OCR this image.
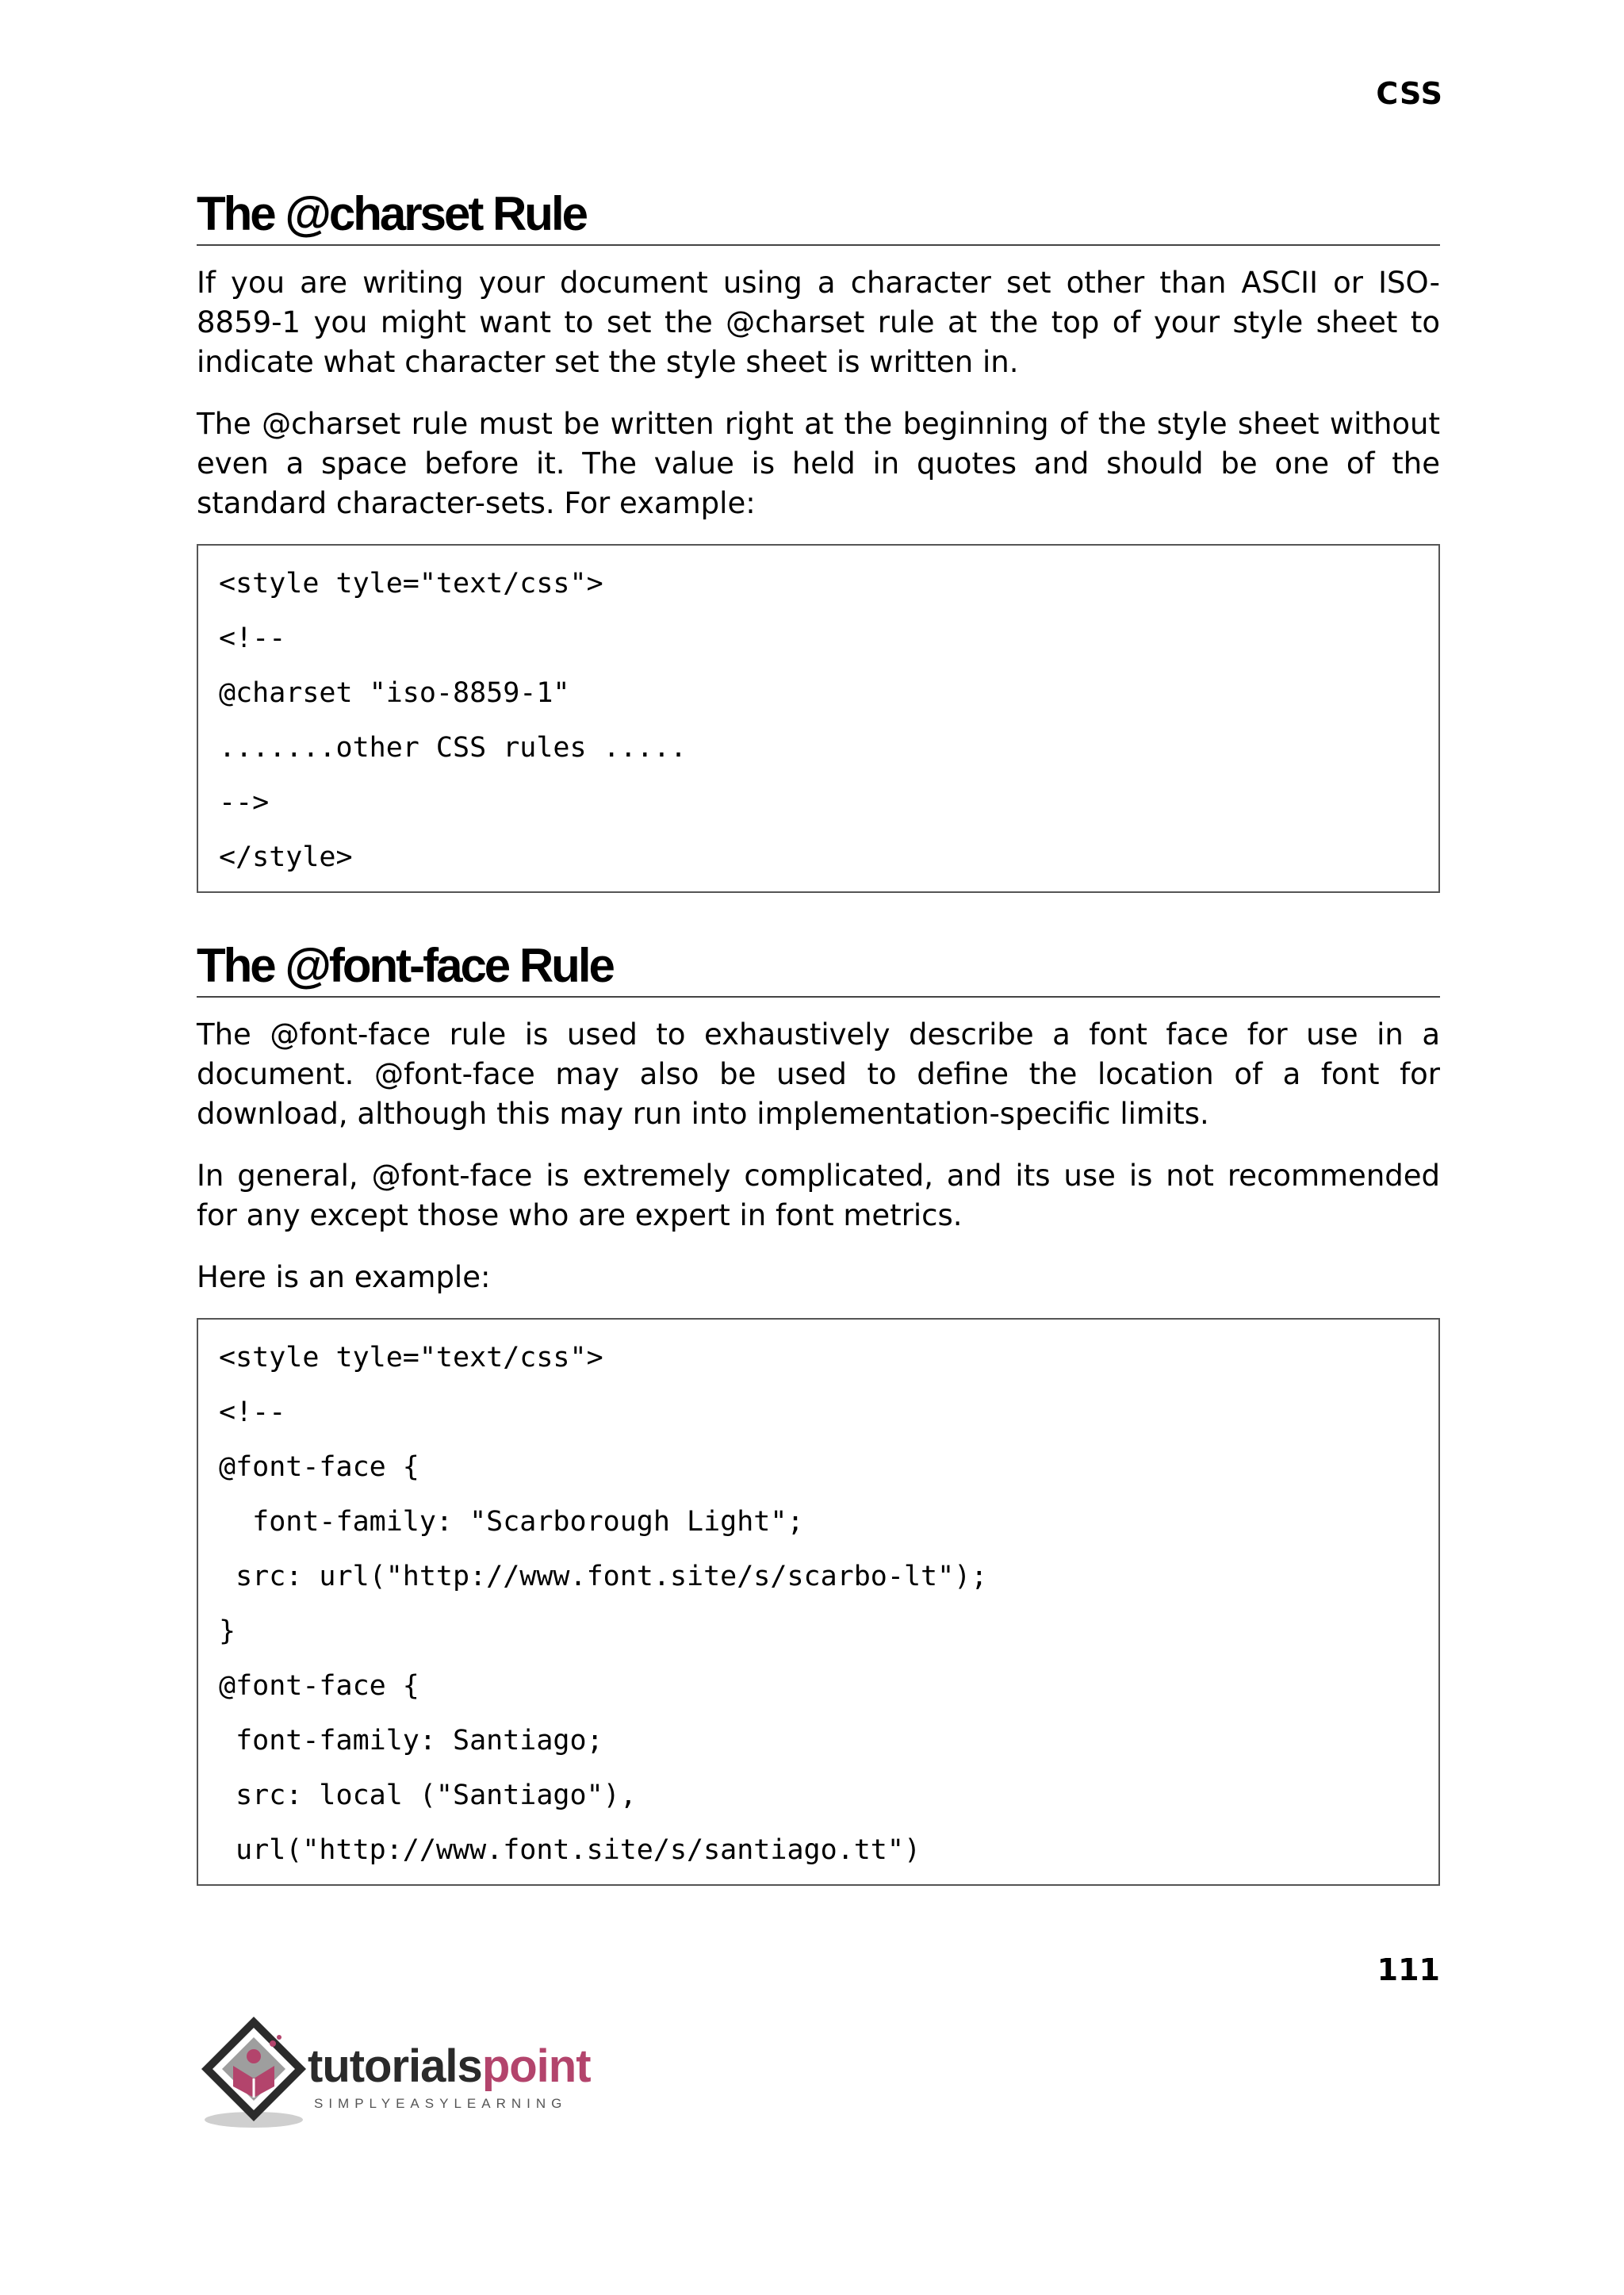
CSS
The @charset Rule

If you are writing your document using a character set other than ASCII or ISO-8859-1 you might want to set the @charset rule at the top of your style sheet to indicate what character set the style sheet is written in.

The @charset rule must be written right at the beginning of the style sheet without even a space before it. The value is held in quotes and should be one of the standard character-sets. For example:

<style tyle="text/css">
<!--
@charset "iso-8859-1"
.......other CSS rules .....
-->
</style>
The @font-face Rule

The @font-face rule is used to exhaustively describe a font face for use in a document. @font-face may also be used to define the location of a font for download, although this may run into implementation-specific limits.

In general, @font-face is extremely complicated, and its use is not recommended for any except those who are expert in font metrics.

Here is an example:

<style tyle="text/css">
<!--
@font-face {
font-family: "Scarborough Light";
src: url("http://www.font.site/s/scarbo-lt");
}
@font-face {
font-family: Santiago;
src: local ("Santiago"),
url("http://www.font.site/s/santiago.tt")
111
tutorialspoint
SIMPLYEASYLEARNING
